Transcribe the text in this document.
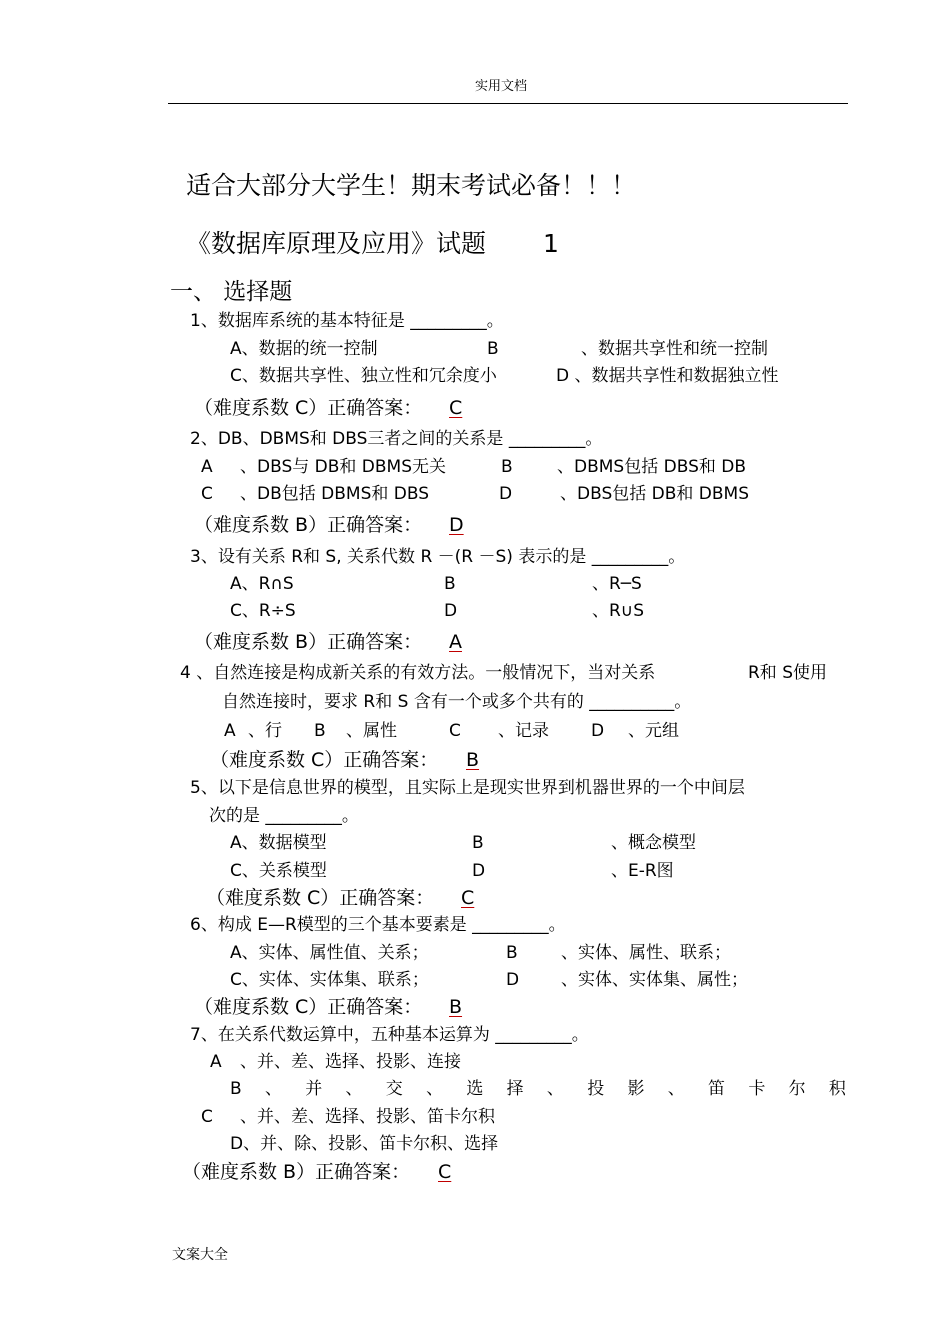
实用文档
适合大部分大学生！期末考试必备！！！
《数据库原理及应用》试题 1
一、 选择题
1、数据库系统的基本特征是 _________。
A、数据的统一控制	B	、数据共享性和统一控制
C、数据共享性、独立性和冗余度小	D 、数据共享性和数据独立性
（难度系数 C）正确答案： C
2、DB、DBMS和 DBS三者之间的关系是 _________。
A 、DBS与 DB和 DBMS无关	B	、DBMS包括 DBS和 DB
C 、DB包括 DBMS和 DBS	D	、DBS包括 DB和 DBMS
（难度系数 B）正确答案： D
3、设有关系 R和 S, 关系代数 R －(R －S) 表示的是 _________。
A、R∩S	B	、R─S
C、R÷S	D	、R∪S
（难度系数 B）正确答案： A
4 、自然连接是构成新关系的有效方法。一般情况下，当对关系	R和 S使用
自然连接时，要求 R和 S 含有一个或多个共有的 __________。
A 、行 B 、属性	C 、记录 D 、元组
（难度系数 C）正确答案： B
5、以下是信息世界的模型，且实际上是现实世界到机器世界的一个中间层
次的是 _________。
A、数据模型	B	、概念模型
C、关系模型	D	、E-R图
（难度系数 C）正确答案： C
6、构成 E—R模型的三个基本要素是 _________。
A、实体、属性值、关系；	B	、实体、属性、联系；
C、实体、实体集、联系；	D 、实体、实体集、属性；
（难度系数 C）正确答案： B
7、在关系代数运算中，五种基本运算为 _________。
A 、并、差、选择、投影、连接
B 、 并 、 交 、 选 择 、 投 影 、 笛 卡 尔 积
C 、并、差、选择、投影、笛卡尔积
D、并、除、投影、笛卡尔积、选择
（难度系数 B）正确答案： C
文案大全
